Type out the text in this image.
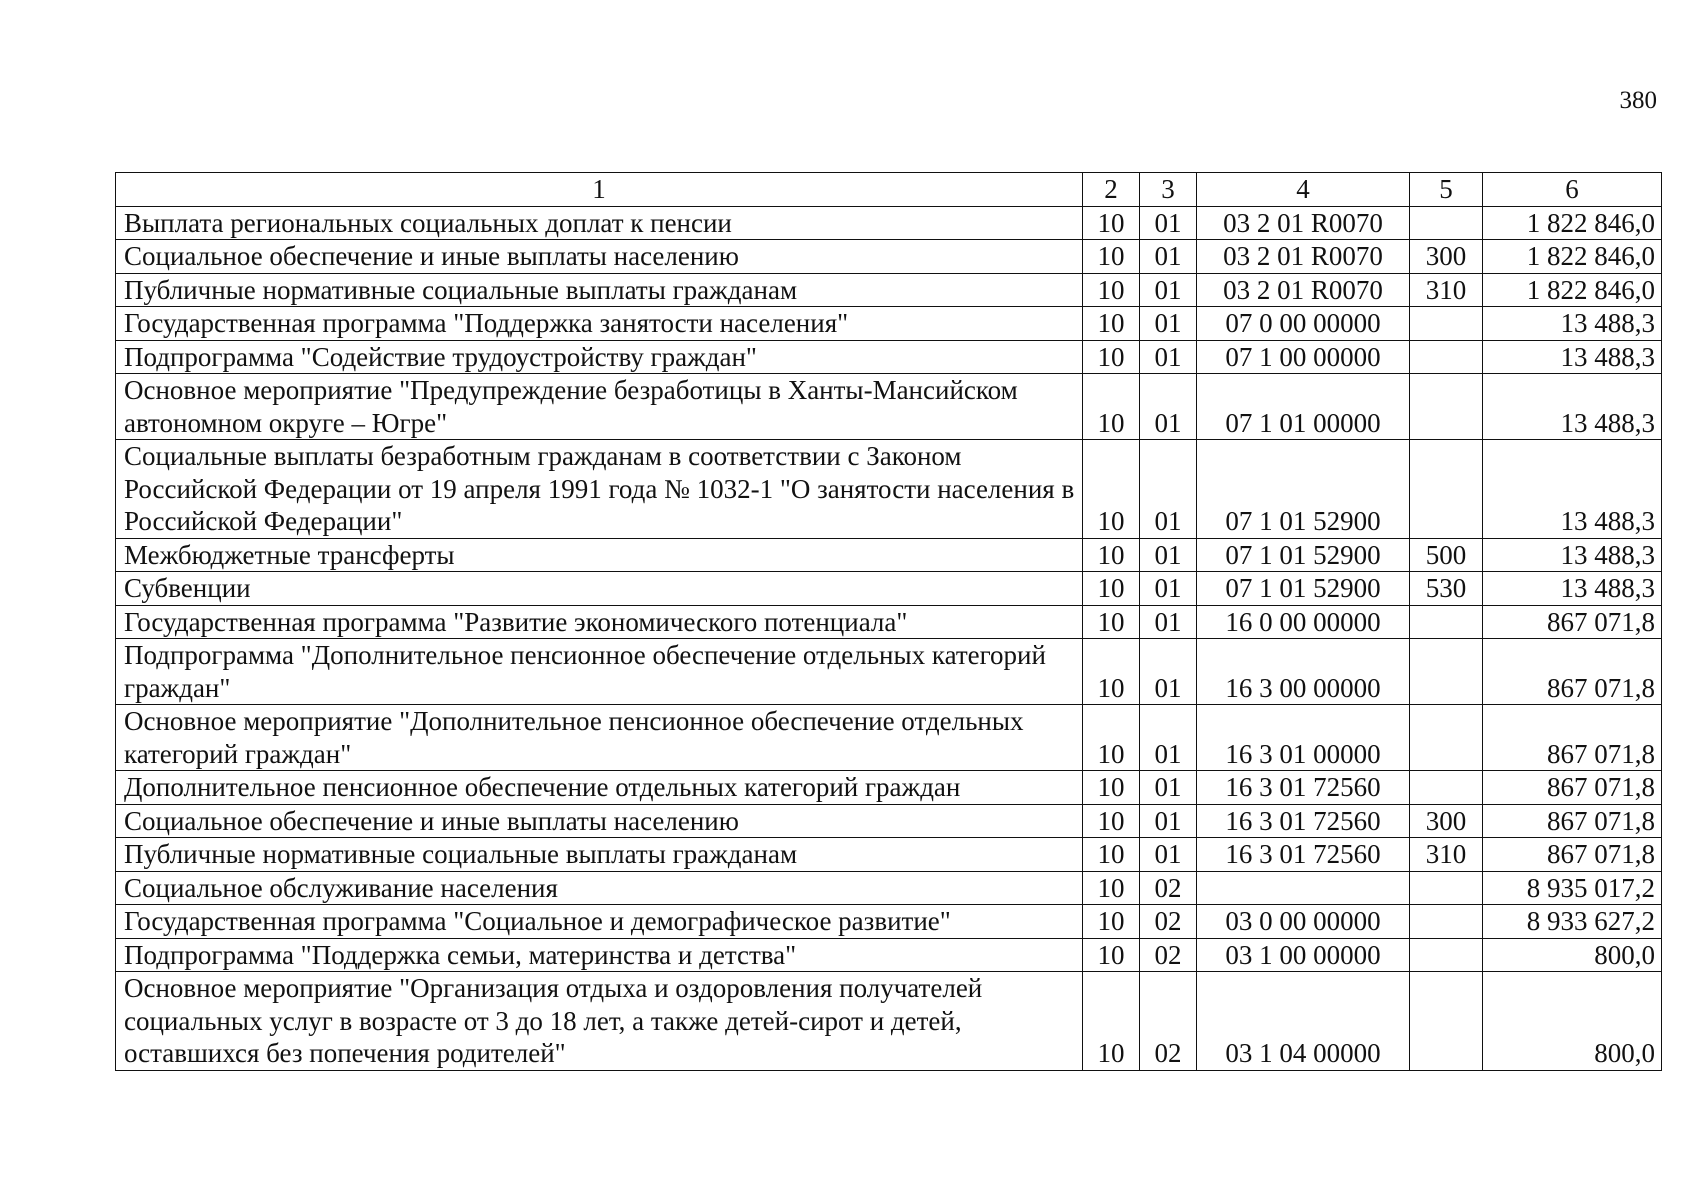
380
1	2	3	4	5	6
Выплата региональных социальных доплат к пенсии	10	01	03 2 01 R0070		1 822 846,0
Социальное обеспечение и иные выплаты населению	10	01	03 2 01 R0070	300	1 822 846,0
Публичные нормативные социальные выплаты гражданам	10	01	03 2 01 R0070	310	1 822 846,0
Государственная программа "Поддержка занятости населения"	10	01	07 0 00 00000		13 488,3
Подпрограмма "Содействие трудоустройству граждан"	10	01	07 1 00 00000		13 488,3
Основное мероприятие "Предупреждение безработицы в Ханты-Мансийском автономном округе – Югре"	10	01	07 1 01 00000		13 488,3
Социальные выплаты безработным гражданам в соответствии с Законом Российской Федерации от 19 апреля 1991 года № 1032-1 "О занятости населения в Российской Федерации"	10	01	07 1 01 52900		13 488,3
Межбюджетные трансферты	10	01	07 1 01 52900	500	13 488,3
Субвенции	10	01	07 1 01 52900	530	13 488,3
Государственная программа "Развитие экономического потенциала"	10	01	16 0 00 00000		867 071,8
Подпрограмма "Дополнительное пенсионное обеспечение отдельных категорий граждан"	10	01	16 3 00 00000		867 071,8
Основное мероприятие "Дополнительное пенсионное обеспечение отдельных категорий граждан"	10	01	16 3 01 00000		867 071,8
Дополнительное пенсионное обеспечение отдельных категорий граждан	10	01	16 3 01 72560		867 071,8
Социальное обеспечение и иные выплаты населению	10	01	16 3 01 72560	300	867 071,8
Публичные нормативные социальные выплаты гражданам	10	01	16 3 01 72560	310	867 071,8
Социальное обслуживание населения	10	02			8 935 017,2
Государственная программа "Социальное и демографическое развитие"	10	02	03 0 00 00000		8 933 627,2
Подпрограмма "Поддержка семьи, материнства и детства"	10	02	03 1 00 00000		800,0
Основное мероприятие "Организация отдыха и оздоровления получателей социальных услуг в возрасте от 3 до 18 лет, а также детей-сирот и детей, оставшихся без попечения родителей"	10	02	03 1 04 00000		800,0
